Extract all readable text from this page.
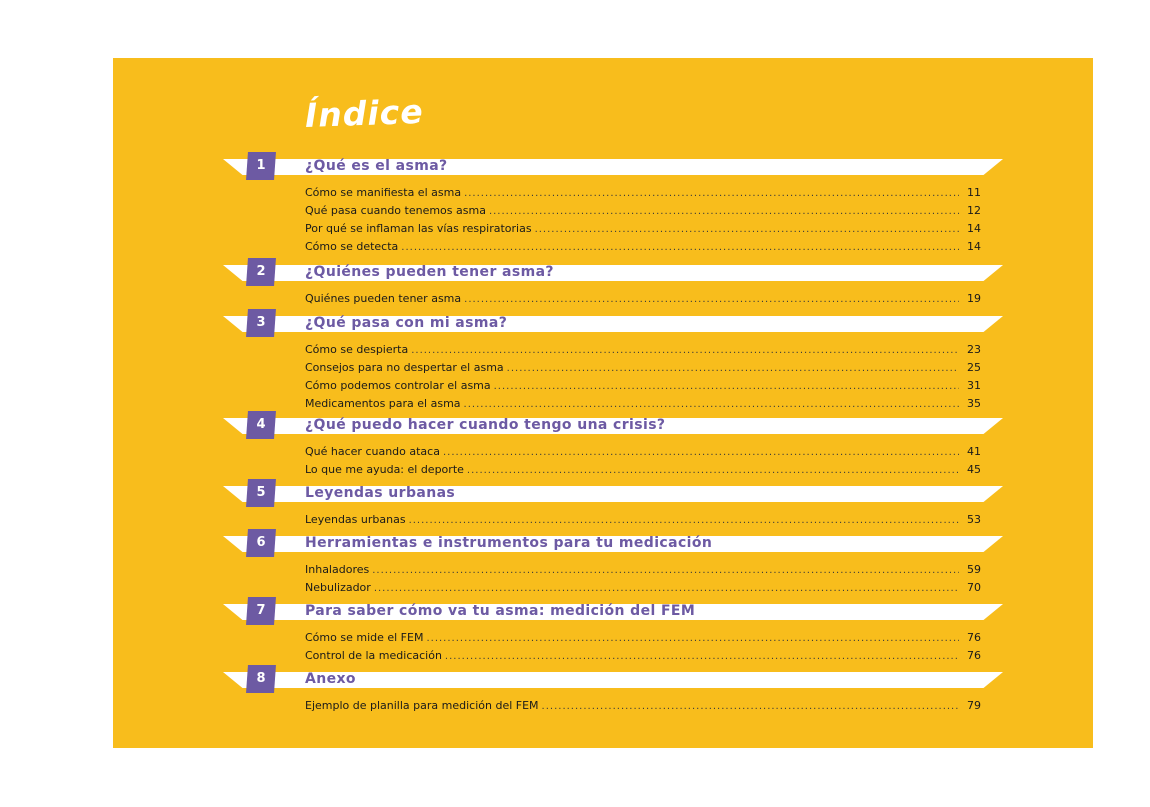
Índice
1	¿Qué es el asma?
Cómo se manifiesta el asma .....	11
Qué pasa cuando tenemos asma .....	12
Por qué se inflaman las vías respiratorias .....	14
Cómo se detecta .....	14
2	¿Quiénes pueden tener asma?
Quiénes pueden tener asma .....	19
3	¿Qué pasa con mi asma?
Cómo se despierta .....	23
Consejos para no despertar el asma .....	25
Cómo podemos controlar el asma .....	31
Medicamentos para el asma .....	35
4	¿Qué puedo hacer cuando tengo una crisis?
Qué hacer cuando ataca .....	41
Lo que me ayuda: el deporte .....	45
5	Leyendas urbanas
Leyendas urbanas .....	53
6	Herramientas e instrumentos para tu medicación
Inhaladores .....	59
Nebulizador .....	70
7	Para saber cómo va tu asma: medición del FEM
Cómo se mide el FEM .....	76
Control de la medicación .....	76
8	Anexo
Ejemplo de planilla para medición del FEM .....	79
